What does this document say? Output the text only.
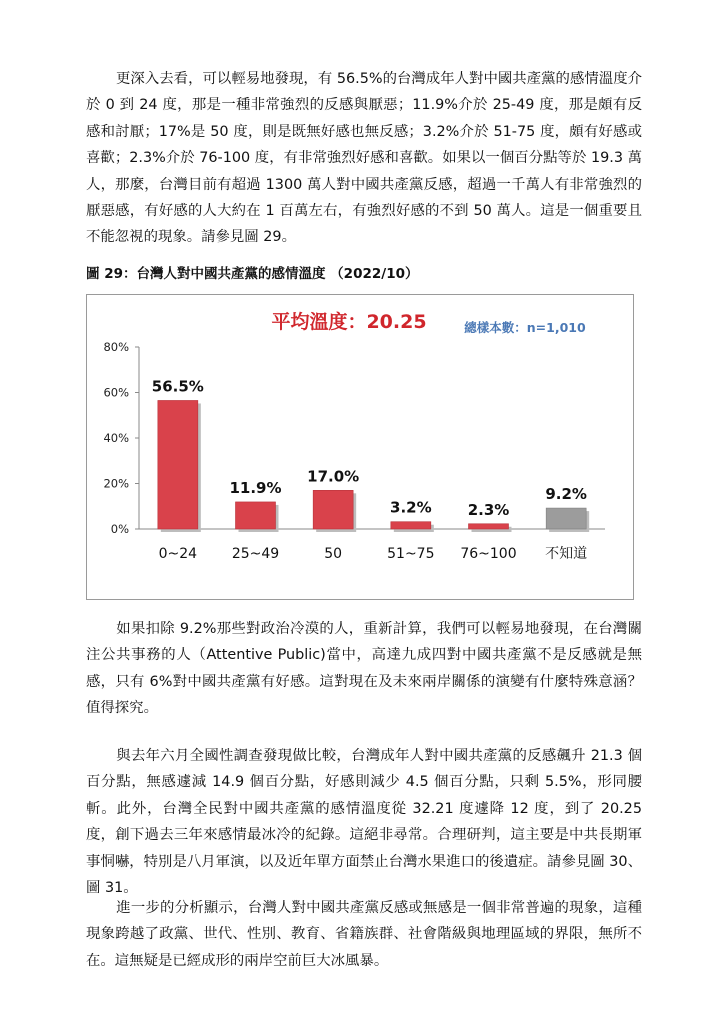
更深入去看，可以輕易地發現，有 56.5%的台灣成年人對中國共產黨的感情溫度介於 0 到 24 度，那是一種非常強烈的反感與厭惡；11.9%介於 25-49 度，那是頗有反感和討厭；17%是 50 度，則是既無好感也無反感；3.2%介於 51-75 度，頗有好感或喜歡；2.3%介於 76-100 度，有非常強烈好感和喜歡。如果以一個百分點等於 19.3 萬人，那麼，台灣目前有超過 1300 萬人對中國共產黨反感，超過一千萬人有非常強烈的厭惡感，有好感的人大約在 1 百萬左右，有強烈好感的不到 50 萬人。這是一個重要且不能忽視的現象。請參見圖 29。

圖 29：台灣人對中國共產黨的感情溫度 （2022/10）

0%
20%
40%
60%
80%
56.5%
0~24
11.9%
25~49
17.0%
50
3.2%
51~75
2.3%
76~100
9.2%
不知道
平均溫度：20.25	總樣本數：n=1,010

如果扣除 9.2%那些對政治冷漠的人，重新計算，我們可以輕易地發現，在台灣關注公共事務的人（Attentive Public)當中，高達九成四對中國共產黨不是反感就是無感，只有 6%對中國共產黨有好感。這對現在及未來兩岸關係的演變有什麼特殊意涵？值得探究。

與去年六月全國性調查發現做比較，台灣成年人對中國共產黨的反感飆升 21.3 個百分點，無感遽減 14.9 個百分點，好感則減少 4.5 個百分點，只剩 5.5%，形同腰斬。此外，台灣全民對中國共產黨的感情溫度從 32.21 度遽降 12 度，到了 20.25 度，創下過去三年來感情最冰冷的紀錄。這絕非尋常。合理研判，這主要是中共長期軍事恫嚇，特別是八月軍演，以及近年單方面禁止台灣水果進口的後遺症。請參見圖 30、圖 31。

進一步的分析顯示，台灣人對中國共產黨反感或無感是一個非常普遍的現象，這種現象跨越了政黨、世代、性別、教育、省籍族群、社會階級與地理區域的界限，無所不在。這無疑是已經成形的兩岸空前巨大冰風暴。
